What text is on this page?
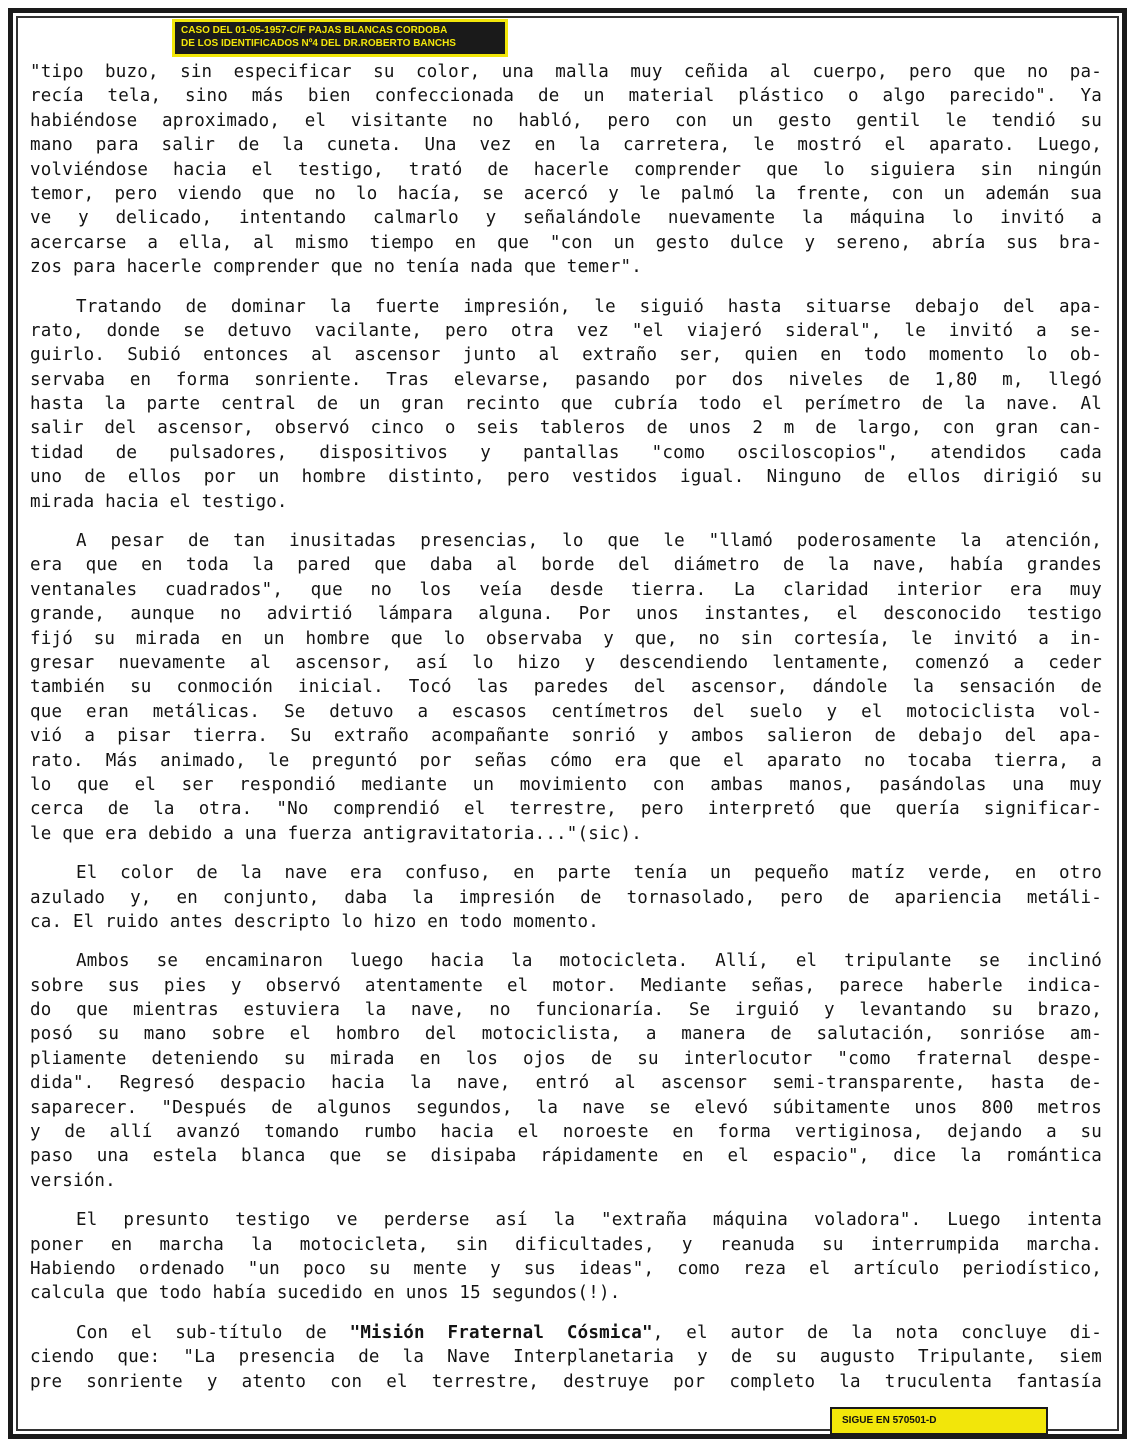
CASO DEL 01-05-1957-C/F PAJAS BLANCAS CORDOBA
DE LOS IDENTIFICADOS Nº4 DEL DR.ROBERTO BANCHS
"tipo buzo, sin especificar su color, una malla muy ceñida al cuerpo, pero que no pa-
recía tela, sino más bien confeccionada de un material plástico o algo parecido". Ya
habiéndose aproximado, el visitante no habló, pero con un gesto gentil le tendió su
mano para salir de la cuneta. Una vez en la carretera, le mostró el aparato. Luego,
volviéndose hacia el testigo, trató de hacerle comprender que lo siguiera sin ningún
temor, pero viendo que no lo hacía, se acercó y le palmó la frente, con un ademán sua
ve y delicado, intentando calmarlo y señalándole nuevamente la máquina lo invitó a
acercarse a ella, al mismo tiempo en que "con un gesto dulce y sereno, abría sus bra-
zos para hacerle comprender que no tenía nada que temer".
Tratando de dominar la fuerte impresión, le siguió hasta situarse debajo del apa-
rato, donde se detuvo vacilante, pero otra vez "el viajeró sideral", le invitó a se-
guirlo. Subió entonces al ascensor junto al extraño ser, quien en todo momento lo ob-
servaba en forma sonriente. Tras elevarse, pasando por dos niveles de 1,80 m, llegó
hasta la parte central de un gran recinto que cubría todo el perímetro de la nave. Al
salir del ascensor, observó cinco o seis tableros de unos 2 m de largo, con gran can-
tidad de pulsadores, dispositivos y pantallas "como osciloscopios", atendidos cada
uno de ellos por un hombre distinto, pero vestidos igual. Ninguno de ellos dirigió su
mirada hacia el testigo.
A pesar de tan inusitadas presencias, lo que le "llamó poderosamente la atención,
era que en toda la pared que daba al borde del diámetro de la nave, había grandes
ventanales cuadrados", que no los veía desde tierra. La claridad interior era muy
grande, aunque no advirtió lámpara alguna. Por unos instantes, el desconocido testigo
fijó su mirada en un hombre que lo observaba y que, no sin cortesía, le invitó a in-
gresar nuevamente al ascensor, así lo hizo y descendiendo lentamente, comenzó a ceder
también su conmoción inicial. Tocó las paredes del ascensor, dándole la sensación de
que eran metálicas. Se detuvo a escasos centímetros del suelo y el motociclista vol-
vió a pisar tierra. Su extraño acompañante sonrió y ambos salieron de debajo del apa-
rato. Más animado, le preguntó por señas cómo era que el aparato no tocaba tierra, a
lo que el ser respondió mediante un movimiento con ambas manos, pasándolas una muy
cerca de la otra. "No comprendió el terrestre, pero interpretó que quería significar-
le que era debido a una fuerza antigravitatoria..."(sic).
El color de la nave era confuso, en parte tenía un pequeño matíz verde, en otro
azulado y, en conjunto, daba la impresión de tornasolado, pero de apariencia metáli-
ca. El ruido antes descripto lo hizo en todo momento.
Ambos se encaminaron luego hacia la motocicleta. Allí, el tripulante se inclinó
sobre sus pies y observó atentamente el motor. Mediante señas, parece haberle indica-
do que mientras estuviera la nave, no funcionaría. Se irguió y levantando su brazo,
posó su mano sobre el hombro del motociclista, a manera de salutación, sonrióse am-
pliamente deteniendo su mirada en los ojos de su interlocutor "como fraternal despe-
dida". Regresó despacio hacia la nave, entró al ascensor semi-transparente, hasta de-
saparecer. "Después de algunos segundos, la nave se elevó súbitamente unos 800 metros
y de allí avanzó tomando rumbo hacia el noroeste en forma vertiginosa, dejando a su
paso una estela blanca que se disipaba rápidamente en el espacio", dice la romántica
versión.
El presunto testigo ve perderse así la "extraña máquina voladora". Luego intenta
poner en marcha la motocicleta, sin dificultades, y reanuda su interrumpida marcha.
Habiendo ordenado "un poco su mente y sus ideas", como reza el artículo periodístico,
calcula que todo había sucedido en unos 15 segundos(!).
Con el sub-título de "Misión Fraternal Cósmica", el autor de la nota concluye di-
ciendo que: "La presencia de la Nave Interplanetaria y de su augusto Tripulante, siem
pre sonriente y atento con el terrestre, destruye por completo la truculenta fantasía
SIGUE EN 570501-D
